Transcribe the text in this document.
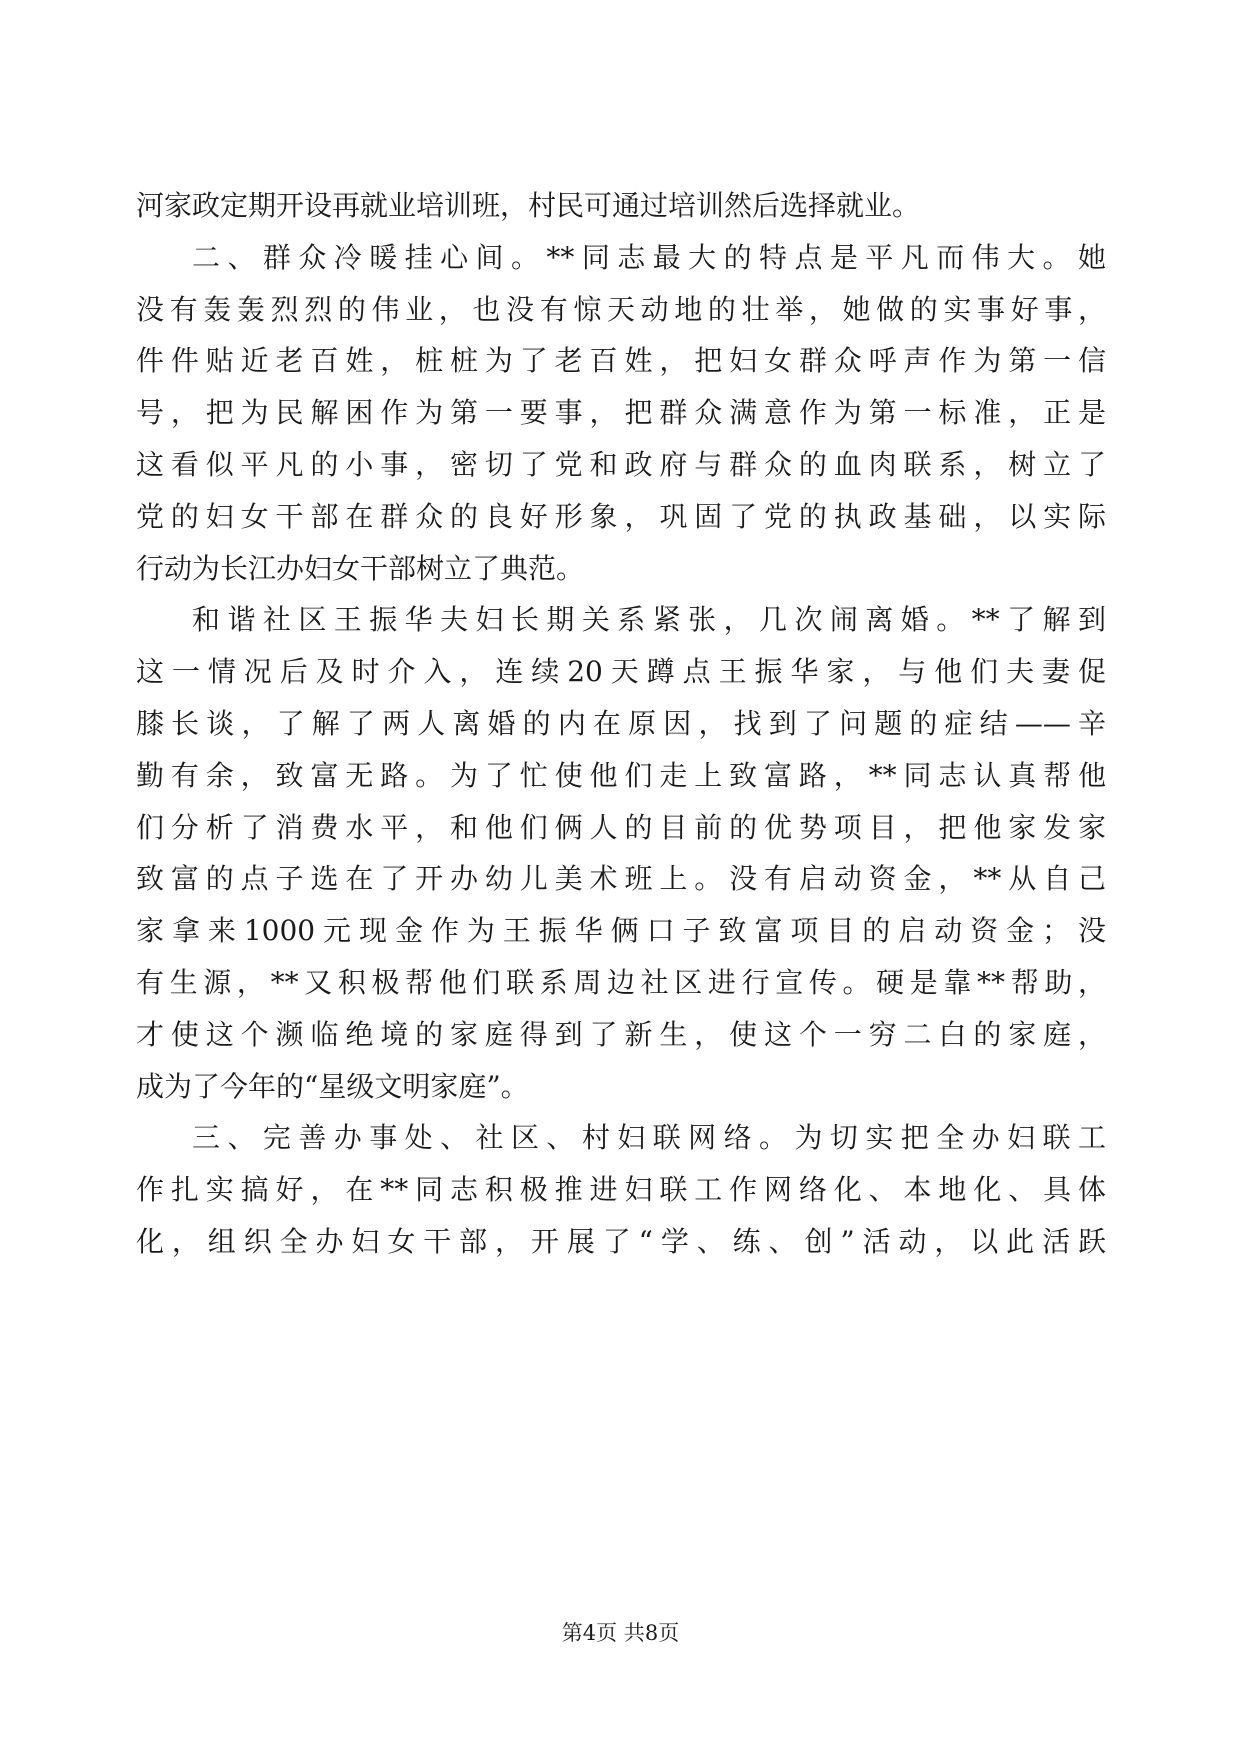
河家政定期开设再就业培训班，村民可通过培训然后选择就业。
二、群众冷暖挂心间。**同志最大的特点是平凡而伟大。她
没有轰轰烈烈的伟业，也没有惊天动地的壮举，她做的实事好事，
件件贴近老百姓，桩桩为了老百姓，把妇女群众呼声作为第一信
号，把为民解困作为第一要事，把群众满意作为第一标准，正是
这看似平凡的小事，密切了党和政府与群众的血肉联系，树立了
党的妇女干部在群众的良好形象，巩固了党的执政基础，以实际
行动为长江办妇女干部树立了典范。
和谐社区王振华夫妇长期关系紧张，几次闹离婚。**了解到
这一情况后及时介入，连续20天蹲点王振华家，与他们夫妻促
膝长谈，了解了两人离婚的内在原因，找到了问题的症结——辛
勤有余，致富无路。为了忙使他们走上致富路，**同志认真帮他
们分析了消费水平，和他们俩人的目前的优势项目，把他家发家
致富的点子选在了开办幼儿美术班上。没有启动资金，**从自己
家拿来1000元现金作为王振华俩口子致富项目的启动资金；没
有生源，**又积极帮他们联系周边社区进行宣传。硬是靠**帮助，
才使这个濒临绝境的家庭得到了新生，使这个一穷二白的家庭，
成为了今年的“星级文明家庭”。
三、完善办事处、社区、村妇联网络。为切实把全办妇联工
作扎实搞好，在**同志积极推进妇联工作网络化、本地化、具体
化，组织全办妇女干部，开展了“学、练、创”活动，以此活跃
第4页 共8页
